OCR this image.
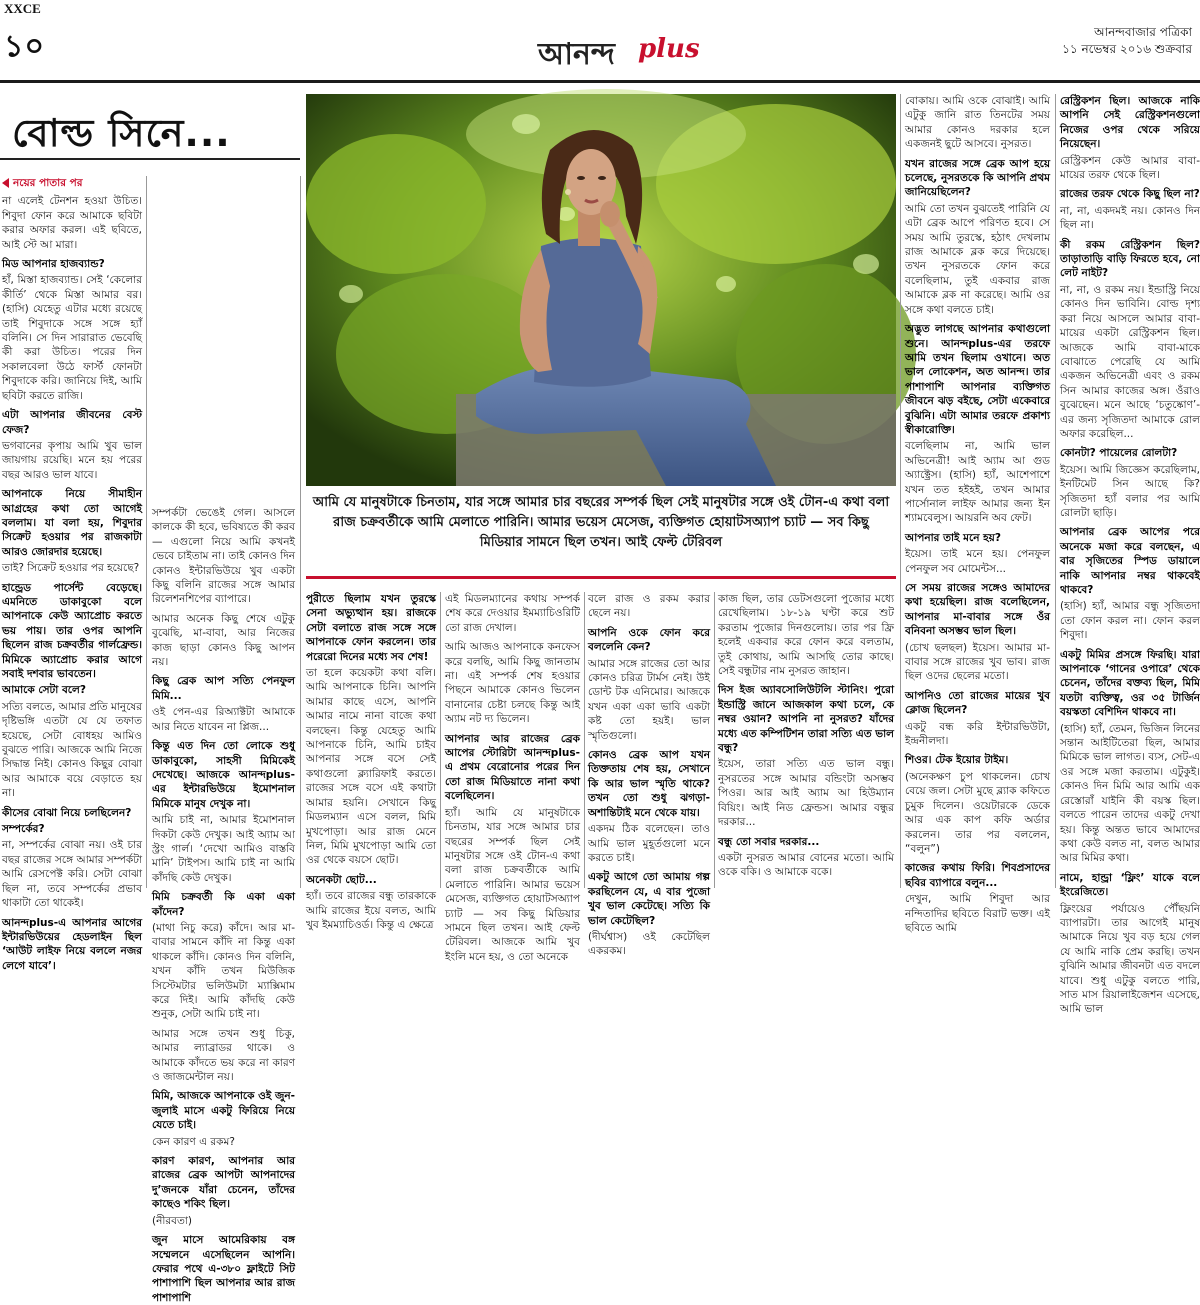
XXCE
১০	আনন্দ plus
আনন্দবাজার পত্রিকা
১১ নভেম্বর ২০১৬ শুক্রবার
বোল্ড সিনে...
আমি যে মানুষটাকে চিনতাম, যার সঙ্গে আমার চার বছরের সম্পর্ক ছিল সেই মানুষটার সঙ্গে ওই টোন-এ কথা বলা রাজ চক্রবর্তীকে আমি মেলাতে পারিনি। আমার ভয়েস মেসেজ, ব্যক্তিগত হোয়াটসঅ্যাপ চ্যাট — সব কিছু মিডিয়ার সামনে ছিল তখন। আই ফেল্ট টেরিবল

নয়ের পাতার পর

না এলেই টেনশন হওয়া উচিত। শিবুদা ফোন করে আমাকে ছবিটা করার অফার করল। এই ছবিতে, আই স্টে আ মারা।

মিড আপনার হাজব্যান্ড?

হাঁ, মিস্তা হাজব্যান্ড। সেই ‘কেলোর কীর্তি’ থেকে মিস্তা আমার বর। (হাসি) যেহেতু এটার মধ্যে রয়েছে তাই শিবুদাকে সঙ্গে সঙ্গে হ্যাঁ বলিনি। সে দিন সারারাত ভেবেছি কী করা উচিত। পরের দিন সকালবেলা উঠে ফার্স্ট ফোনটা শিবুদাকে করি। জানিয়ে দিই, আমি ছবিটা করতে রাজি।

এটা আপনার জীবনের বেস্ট ফেজ?

ভগবানের কৃপায় আমি খুব ভাল জায়গায় রয়েছি। মনে হয় পরের বছর আরও ভাল যাবে।

আপনাকে নিয়ে সীমাহীন আগ্রহের কথা তো আগেই বললাম। যা বলা হয়, শিবুদার সিক্রেট হওয়ার পর রাজকাটা আরও জোরদার হয়েছে।

তাই? সিক্রেট হওয়ার পর হয়েছে?

হান্ড্রেড পার্সেন্ট বেড়েছে। এমনিতে ডাকাবুকো বলে আপনাকে কেউ অ্যাপ্রোচ করতে ভয় পায়। তার ওপর আপনি ছিলেন রাজ চক্রবর্তীর গার্লফ্রেন্ড। মিমিকে অ্যাপ্রোচ করার আগে সবাই দশবার ভাবতেন।

আমাকে সেটা বলে?

সত্যি বলতে, আমার প্রতি মানুষের দৃষ্টিভঙ্গি এতটা যে যে তফাত হয়েছে, সেটা বোধহয় আমিও বুঝতে পারি। আজকে আমি নিজে সিদ্ধান্ত নিই। কোনও কিছুর বোঝা আর আমাকে বয়ে বেড়াতে হয় না।

কীসের বোঝা নিয়ে চলছিলেন?

সম্পর্কের?

না, সম্পর্কের বোঝা নয়। ওই চার বছর রাজের সঙ্গে আমার সম্পর্কটা আমি রেসপেক্ট করি। সেটা বোঝা ছিল না, তবে সম্পর্কের প্রভাব থাকাটা তো থাকেই।

আনন্দplus-এ আপনার আগের ইন্টারভিউয়ের হেডলাইন ছিল ‘আউট লাইফ নিয়ে বললে নজর লেগে যাবে’।

সম্পর্কটা ভেঙেই গেল। আসলে কালকে কী হবে, ভবিষ্যতে কী করব — এগুলো নিয়ে আমি কখনই ভেবে চাইতাম না। তাই কোনও দিন কোনও ইন্টারভিউয়ে খুব একটা কিছু বলিনি রাজের সঙ্গে আমার রিলেশনশিপের ব্যাপারে।

আমার অনেক কিছু শেষে এটুকু বুঝেছি, মা-বাবা, আর নিজের কাজ ছাড়া কোনও কিছু আপন নয়।

কিছু ব্রেক আপ সত্যি পেনফুল মিমি...

ওই পেন-এর রিঅ্যাক্টটা আমাকে আর নিতে যাবেন না প্লিজ...

কিন্তু এত দিন তো লোকে শুধু ডাকাবুকো, সাহসী মিমিকেই দেখেছে। আজকে আনন্দplus-এর ইন্টারভিউয়ে ইমোশনাল মিমিকে মানুষ দেখুক না।

আমি চাই না, আমার ইমোশনাল দিকটা কেউ দেখুক। আই অ্যাম আ স্ট্রং গার্ল। ‘দেখো আমিও বাস্তবি মানি’ টাইপস। আমি চাই না আমি কাঁদছি কেউ দেখুক।

মিমি চক্রবর্তী কি একা একা কাঁদেন?

(মাথা নিচু করে) কাঁদে। আর মা-বাবার সামনে কাঁদি না কিন্তু একা থাকলে কাঁদি। কোনও দিন বলিনি, যখন কাঁদি তখন মিউজিক সিস্টেমটার ভলিউমটা ম্যাক্সিমাম করে দিই। আমি কাঁদছি কেউ শুনুক, সেটা আমি চাই না।

আমার সঙ্গে তখন শুধু চিকু, আমার ল্যাব্রাডর থাকে। ও আমাকে কাঁদতে ভয় করে না কারণ ও জাজমেন্টাল নয়।

মিমি, আজকে আপনাকে ওই জুন-জুলাই মাসে একটু ফিরিয়ে নিয়ে যেতে চাই।

কেন কারণ এ রকম?

কারণ কারণ, আপনার আর রাজের ব্রেক আপটা আপনাদের দু’জনকে যাঁরা চেনেন, তাঁদের কাছেও শকিং ছিল।

(নীরবতা)

জুন মাসে আমেরিকায় বঙ্গ সম্মেলনে এসেছিলেন আপনি। ফেরার পথে এ-৩৮০ ফ্লাইটে সিট পাশাপাশি ছিল আপনার আর রাজ পাশাপাশি

পুরীতে ছিলাম যখন তুরস্কে সেনা অভ্যুত্থান হয়। রাজকে সেটা বলাতে রাজ সঙ্গে সঙ্গে আপনাকে ফোন করলেন। তার পরেরো দিনের মধ্যে সব শেষ!

তা হলে কয়েকটা কথা বলি। আমি আপনাকে চিনি। আপনি আমার কাছে এসে, আপনি আমার নামে নানা বাজে কথা বলছেন। কিন্তু যেহেতু আমি আপনাকে চিনি, আমি চাইব আপনার সঙ্গে বসে সেই কথাগুলো ক্ল্যারিফাই করতে। রাজের সঙ্গে বসে এই কথাটা আমার হয়নি। সেখানে কিছু মিডলম্যান এসে বলল, মিমি মুখপোড়া। আর রাজ মেনে নিল, মিমি মুখপোড়া আমি তো ওর থেকে বয়সে ছোট।

অনেকটা ছোট...

হ্যাঁ। তবে রাজের বন্ধু তারকাকে আমি রাজের ইয়ে বলত, আমি খুব ইমম্যাচিওর্ড। কিন্তু এ ক্ষেত্রে

এই মিডলম্যানের কথায় সম্পর্ক শেষ করে দেওয়ার ইমম্যাচিওরিটি তো রাজ দেখাল।

আমি আজও আপনাকে কনফেস করে বলছি, আমি কিছু জানতাম না। এই সম্পর্ক শেষ হওয়ার পিছনে আমাকে কোনও ভিলেন বানানোর চেষ্টা চলছে কিন্তু আই অ্যাম নট দ্য ভিলেন।

আপনার আর রাজের ব্রেক আপের স্টোরিটা আনন্দplus-এ প্রথম বেরোনোর পরের দিন তো রাজ মিডিয়াতে নানা কথা বলেছিলেন।

হ্যাঁ। আমি যে মানুষটাকে চিনতাম, যার সঙ্গে আমার চার বছরের সম্পর্ক ছিল সেই মানুষটার সঙ্গে ওই টোন-এ কথা বলা রাজ চক্রবর্তীকে আমি মেলাতে পারিনি। আমার ভয়েস মেসেজ, ব্যক্তিগত হোয়াটসঅ্যাপ চ্যাট — সব কিছু মিডিয়ার সামনে ছিল তখন। আই ফেল্ট টেরিবল। আজকে আমি খুব ইংলি মনে হয়, ও তো অনেকে

বলে রাজ ও রকম করার ছেলে নয়।

আপনি ওকে ফোন করে বললেনি কেন?

আমার সঙ্গে রাজের তো আর কোনও চরিত্র টার্মস নেই। উই ডোন্ট টক এনিমোর। আজকে যখন একা একা ভাবি একটা কষ্ট তো হয়ই। ভাল স্মৃতিগুলো।

কোনও ব্রেক আপ যখন তিক্ততায় শেষ হয়, সেখানে কি আর ভাল স্মৃতি থাকে? তখন তো শুধু ঝগড়া-অশান্তিটাই মনে থেকে যায়।

একদম ঠিক বলেছেন। তাও আমি ভাল মুহূর্তগুলো মনে করতে চাই।

একটু আগে তো আমায় গল্প করছিলেন যে, এ বার পুজো খুব ভাল কেটেছে। সত্যি কি ভাল কেটেছিল?

(দীর্ঘশ্বাস) ওই কেটেছিল একরকম।

কাজ ছিল, তার ডেটসগুলো পুজোর মধ্যে রেখেছিলাম। ১৮-১৯ ঘণ্টা করে শুট করতাম পুজোর দিনগুলোয়। তার পর ফ্রি হলেই একবার করে ফোন করে বলতাম, তুই কোথায়, আমি আসছি তোর কাছে। সেই বন্ধুটার নাম নুসরত জাহান।

দিস ইজ অ্যাবসোলিউটলি স্টানিং। পুরো ইন্ডাস্ট্রি জানে আজকাল কথা চলে, কে নম্বর ওয়ান? আপনি না নুসরত? যাঁদের মধ্যে এত কম্পিটিশন তারা সত্যি এত ভাল বন্ধু?

ইয়েস, তারা সত্যি এত ভাল বন্ধু। নুসরতের সঙ্গে আমার বন্ডিংটা অসম্ভব পিওর। আর আই অ্যাম আ হিউম্যান বিয়িং। আই নিড ফ্রেন্ডস। আমার বন্ধুর দরকার...

বন্ধু তো সবার দরকার...

একটা নুসরত আমার বোনের মতো। আমি ওকে বকি। ও আমাকে বকে।

বোকায়। আমি ওকে বোঝাই। আমি এটুকু জানি রাত তিনটের সময় আমার কোনও দরকার হলে একজনই ছুটে আসবে। নুসরত।

যখন রাজের সঙ্গে ব্রেক আপ হয়ে চলেছে, নুসরতকে কি আপনি প্রথম জানিয়েছিলেন?

আমি তো তখন বুঝতেই পারিনি যে এটা ব্রেক আপে পরিণত হবে। সে সময় আমি তুরস্কে, হঠাৎ দেখলাম রাজ আমাকে ব্লক করে দিয়েছে। তখন নুসরতকে ফোন করে বলেছিলাম, তুই একবার রাজ আমাকে ব্লক না করেছে। আমি ওর সঙ্গে কথা বলতে চাই।

অদ্ভুত লাগছে আপনার কথাগুলো শুনে। আনন্দplus-এর তরফে আমি তখন ছিলাম ওখানে। অত ভাল লোকেশন, অত আনন্দ। তার পাশাপাশি আপনার ব্যক্তিগত জীবনে ঝড় বইছে, সেটা একেবারে বুঝিনি। এটা আমার তরফে প্রকাশ্য স্বীকারোক্তি।

বলেছিলাম না, আমি ভাল অভিনেত্রী! আই অ্যাম আ গুড অ্যাক্ট্রেস। (হাসি) হ্যাঁ, আশেপাশে যখন তত হইহই, তখন আমার পার্সোনাল লাইফ আমার জন্য ইন শ্যামবেলুস। আয়রনি অব ফেট।

আপনার তাই মনে হয়?

ইয়েস। তাই মনে হয়। পেনফুল পেনফুল সব মোমেন্টস...

সে সময় রাজের সঙ্গেও আমাদের কথা হয়েছিল। রাজ বলেছিলেন, আপনার মা-বাবার সঙ্গে ওঁর বনিবনা অসম্ভব ভাল ছিল।

(চোখ ছলছল) ইয়েস। আমার মা-বাবার সঙ্গে রাজের খুব ভাব। রাজ ছিল ওদের ছেলের মতো।

আপনিও তো রাজের মায়ের খুব ক্লোজ ছিলেন?

একটু বন্ধ করি ইন্টারভিউটা, ইন্দ্রনীলদা।

শিওর। টেক ইয়োর টাইম।

(অনেকক্ষণ চুপ থাকলেন। চোখ বেয়ে জল। সেটা মুছে ব্ল্যাক কফিতে চুমুক দিলেন। ওয়েটারকে ডেকে আর এক কাপ কফি অর্ডার করলেন। তার পর বললেন, “বলুন”)

কাজের কথায় ফিরি। শিবপ্রসাদের ছবির ব্যাপারে বলুন...

দেখুন, আমি শিবুদা আর নন্দিতাদির ছবিতে বিরাট ভক্ত। এই ছবিতে আমি

রেস্ট্রিকশন ছিল। আজকে নাকি আপনি সেই রেস্ট্রিকশনগুলো নিজের ওপর থেকে সরিয়ে নিয়েছেন।

রেস্ট্রিকশন কেউ আমার বাবা-মায়ের তরফ থেকে ছিল।

রাজের তরফ থেকে কিছু ছিল না?

না, না, একদমই নয়। কোনও দিন ছিল না।

কী রকম রেস্ট্রিকশন ছিল? তাড়াতাড়ি বাড়ি ফিরতে হবে, নো লেট নাইট?

না, না, ও রকম নয়। ইন্ডাস্ট্রি নিয়ে কোনও দিন ভাবিনি। বোল্ড দৃশ্য করা নিয়ে আসলে আমার বাবা-মায়ের একটা রেস্ট্রিকশন ছিল। আজকে আমি বাবা-মাকে বোঝাতে পেরেছি যে আমি একজন অভিনেত্রী এবং ও রকম সিন আমার কাজের অঙ্গ। ওঁরাও বুঝেছেন। মনে আছে ‘চতুষ্কোণ’-এর জন্য সৃজিতদা আমাকে রোল অফার করেছিল...

কোনটা? পায়েলের রোলটা?

ইয়েস। আমি জিজ্ঞেস করেছিলাম, ইনটিমেট সিন আছে কি? সৃজিতদা হ্যাঁ বলার পর আমি রোলটা ছাড়ি।

আপনার ব্রেক আপের পরে অনেকে মজা করে বলছেন, এ বার সৃজিতের স্পিড ডায়ালে নাকি আপনার নম্বর থাকবেই থাকবে?

(হাসি) হ্যাঁ, আমার বন্ধু সৃজিতদা তো ফোন করল না। ফোন করল শিবুদা।

একটু মিমির প্রসঙ্গে ফিরছি। যারা আপনাকে ‘গানের ওপারে’ থেকে চেনেন, তাঁদের বক্তব্য ছিল, মিমি যতটা ব্যক্তিত্ব, ওর ৩৫ টার্জিন বয়স্কতা বেশিদিন থাকবে না।

(হাসি) হ্যাঁ, তেমন, ভিজিন লিনের সন্তান আইটিতেরা ছিল, আমার মিমিকে ভাল লাগত। ব্যস, সেট-এ ওর সঙ্গে মজা করতাম। এটুকুই। কোনও দিন মিমি আর আমি এক রেস্তোরাঁ যাইনি কী বয়স্ক ছিল। বলতে পারেন তাদের একটু দেখা হয়। কিন্তু অন্তত ভাবে আমাদের কথা কেউ বলত না, বলত আমার আর মিমির কথা।

নামে, হান্ড্রা ‘ফ্লিং’ যাকে বলে ইংরেজিতে।

ফ্লিংয়ের পর্যায়েও পৌঁছয়নি ব্যাপারটা। তার আগেই মানুষ আমাকে নিয়ে খুব বড় হয়ে গেল যে আমি নাকি প্রেম করছি। তখন বুঝিনি আমার জীবনটা এত বদলে যাবে। শুধু এটুকু বলতে পারি, সাত মাস রিয়ালাইজেশন এসেছে, আমি ভাল
